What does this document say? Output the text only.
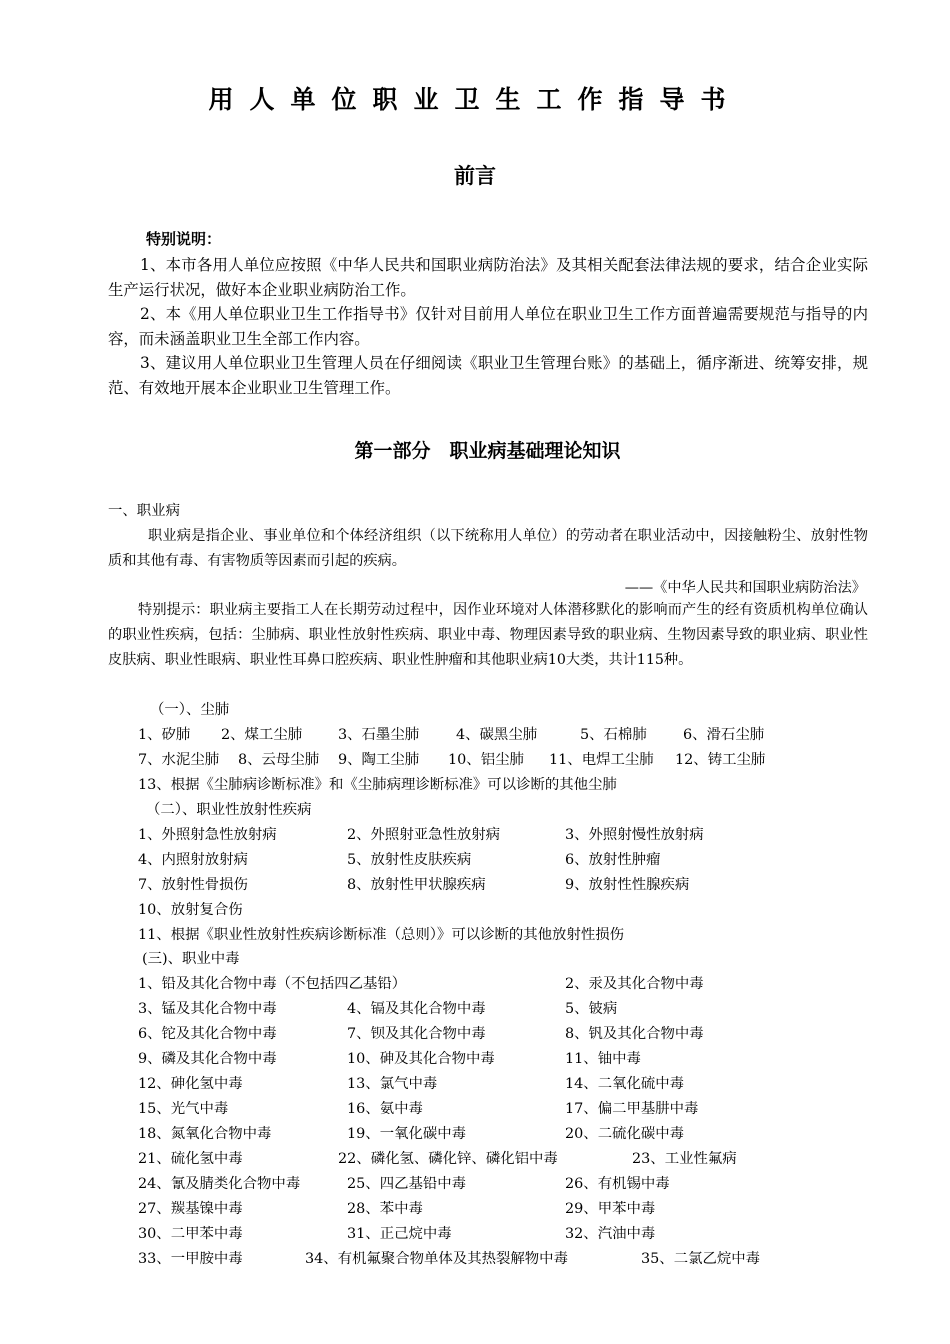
用人单位职业卫生工作指导书
前言
特别说明：

1、本市各用人单位应按照《中华人民共和国职业病防治法》及其相关配套法律法规的要求，结合企业实际生产运行状况，做好本企业职业病防治工作。

2、本《用人单位职业卫生工作指导书》仅针对目前用人单位在职业卫生工作方面普遍需要规范与指导的内容，而未涵盖职业卫生全部工作内容。

3、建议用人单位职业卫生管理人员在仔细阅读《职业卫生管理台账》的基础上，循序渐进、统筹安排，规范、有效地开展本企业职业卫生管理工作。

第一部分　职业病基础理论知识
一、职业病

职业病是指企业、事业单位和个体经济组织（以下统称用人单位）的劳动者在职业活动中，因接触粉尘、放射性物质和其他有毒、有害物质等因素而引起的疾病。

——《中华人民共和国职业病防治法》

特别提示：职业病主要指工人在长期劳动过程中，因作业环境对人体潜移默化的影响而产生的经有资质机构单位确认的职业性疾病，包括：尘肺病、职业性放射性疾病、职业中毒、物理因素导致的职业病、生物因素导致的职业病、职业性皮肤病、职业性眼病、职业性耳鼻口腔疾病、职业性肿瘤和其他职业病10大类，共计115种。

（一）、尘肺
1、矽肺 2、煤工尘肺 3、石墨尘肺	4、碳黑尘肺	5、石棉肺	6、滑石尘肺
7、水泥尘肺 8、云母尘肺 9、陶工尘肺 10、铝尘肺 11、电焊工尘肺 12、铸工尘肺
13、根据《尘肺病诊断标准》和《尘肺病理诊断标准》可以诊断的其他尘肺
（二）、职业性放射性疾病
1、外照射急性放射病	2、外照射亚急性放射病	3、外照射慢性放射病
4、内照射放射病	5、放射性皮肤疾病	6、放射性肿瘤
7、放射性骨损伤	8、放射性甲状腺疾病	9、放射性性腺疾病
10、放射复合伤
11、根据《职业性放射性疾病诊断标准（总则）》可以诊断的其他放射性损伤
(三)、职业中毒
1、铅及其化合物中毒（不包括四乙基铅）	2、汞及其化合物中毒
3、锰及其化合物中毒	4、镉及其化合物中毒	5、铍病
6、铊及其化合物中毒	7、钡及其化合物中毒	8、钒及其化合物中毒
9、磷及其化合物中毒	10、砷及其化合物中毒	11、铀中毒
12、砷化氢中毒	13、氯气中毒	14、二氧化硫中毒
15、光气中毒	16、氨中毒	17、偏二甲基肼中毒
18、氮氧化合物中毒	19、一氧化碳中毒	20、二硫化碳中毒
21、硫化氢中毒	22、磷化氢、磷化锌、磷化铝中毒	23、工业性氟病
24、氰及腈类化合物中毒	25、四乙基铅中毒	26、有机锡中毒
27、羰基镍中毒	28、苯中毒	29、甲苯中毒
30、二甲苯中毒	31、正己烷中毒	32、汽油中毒
33、一甲胺中毒	34、有机氟聚合物单体及其热裂解物中毒	35、二氯乙烷中毒
